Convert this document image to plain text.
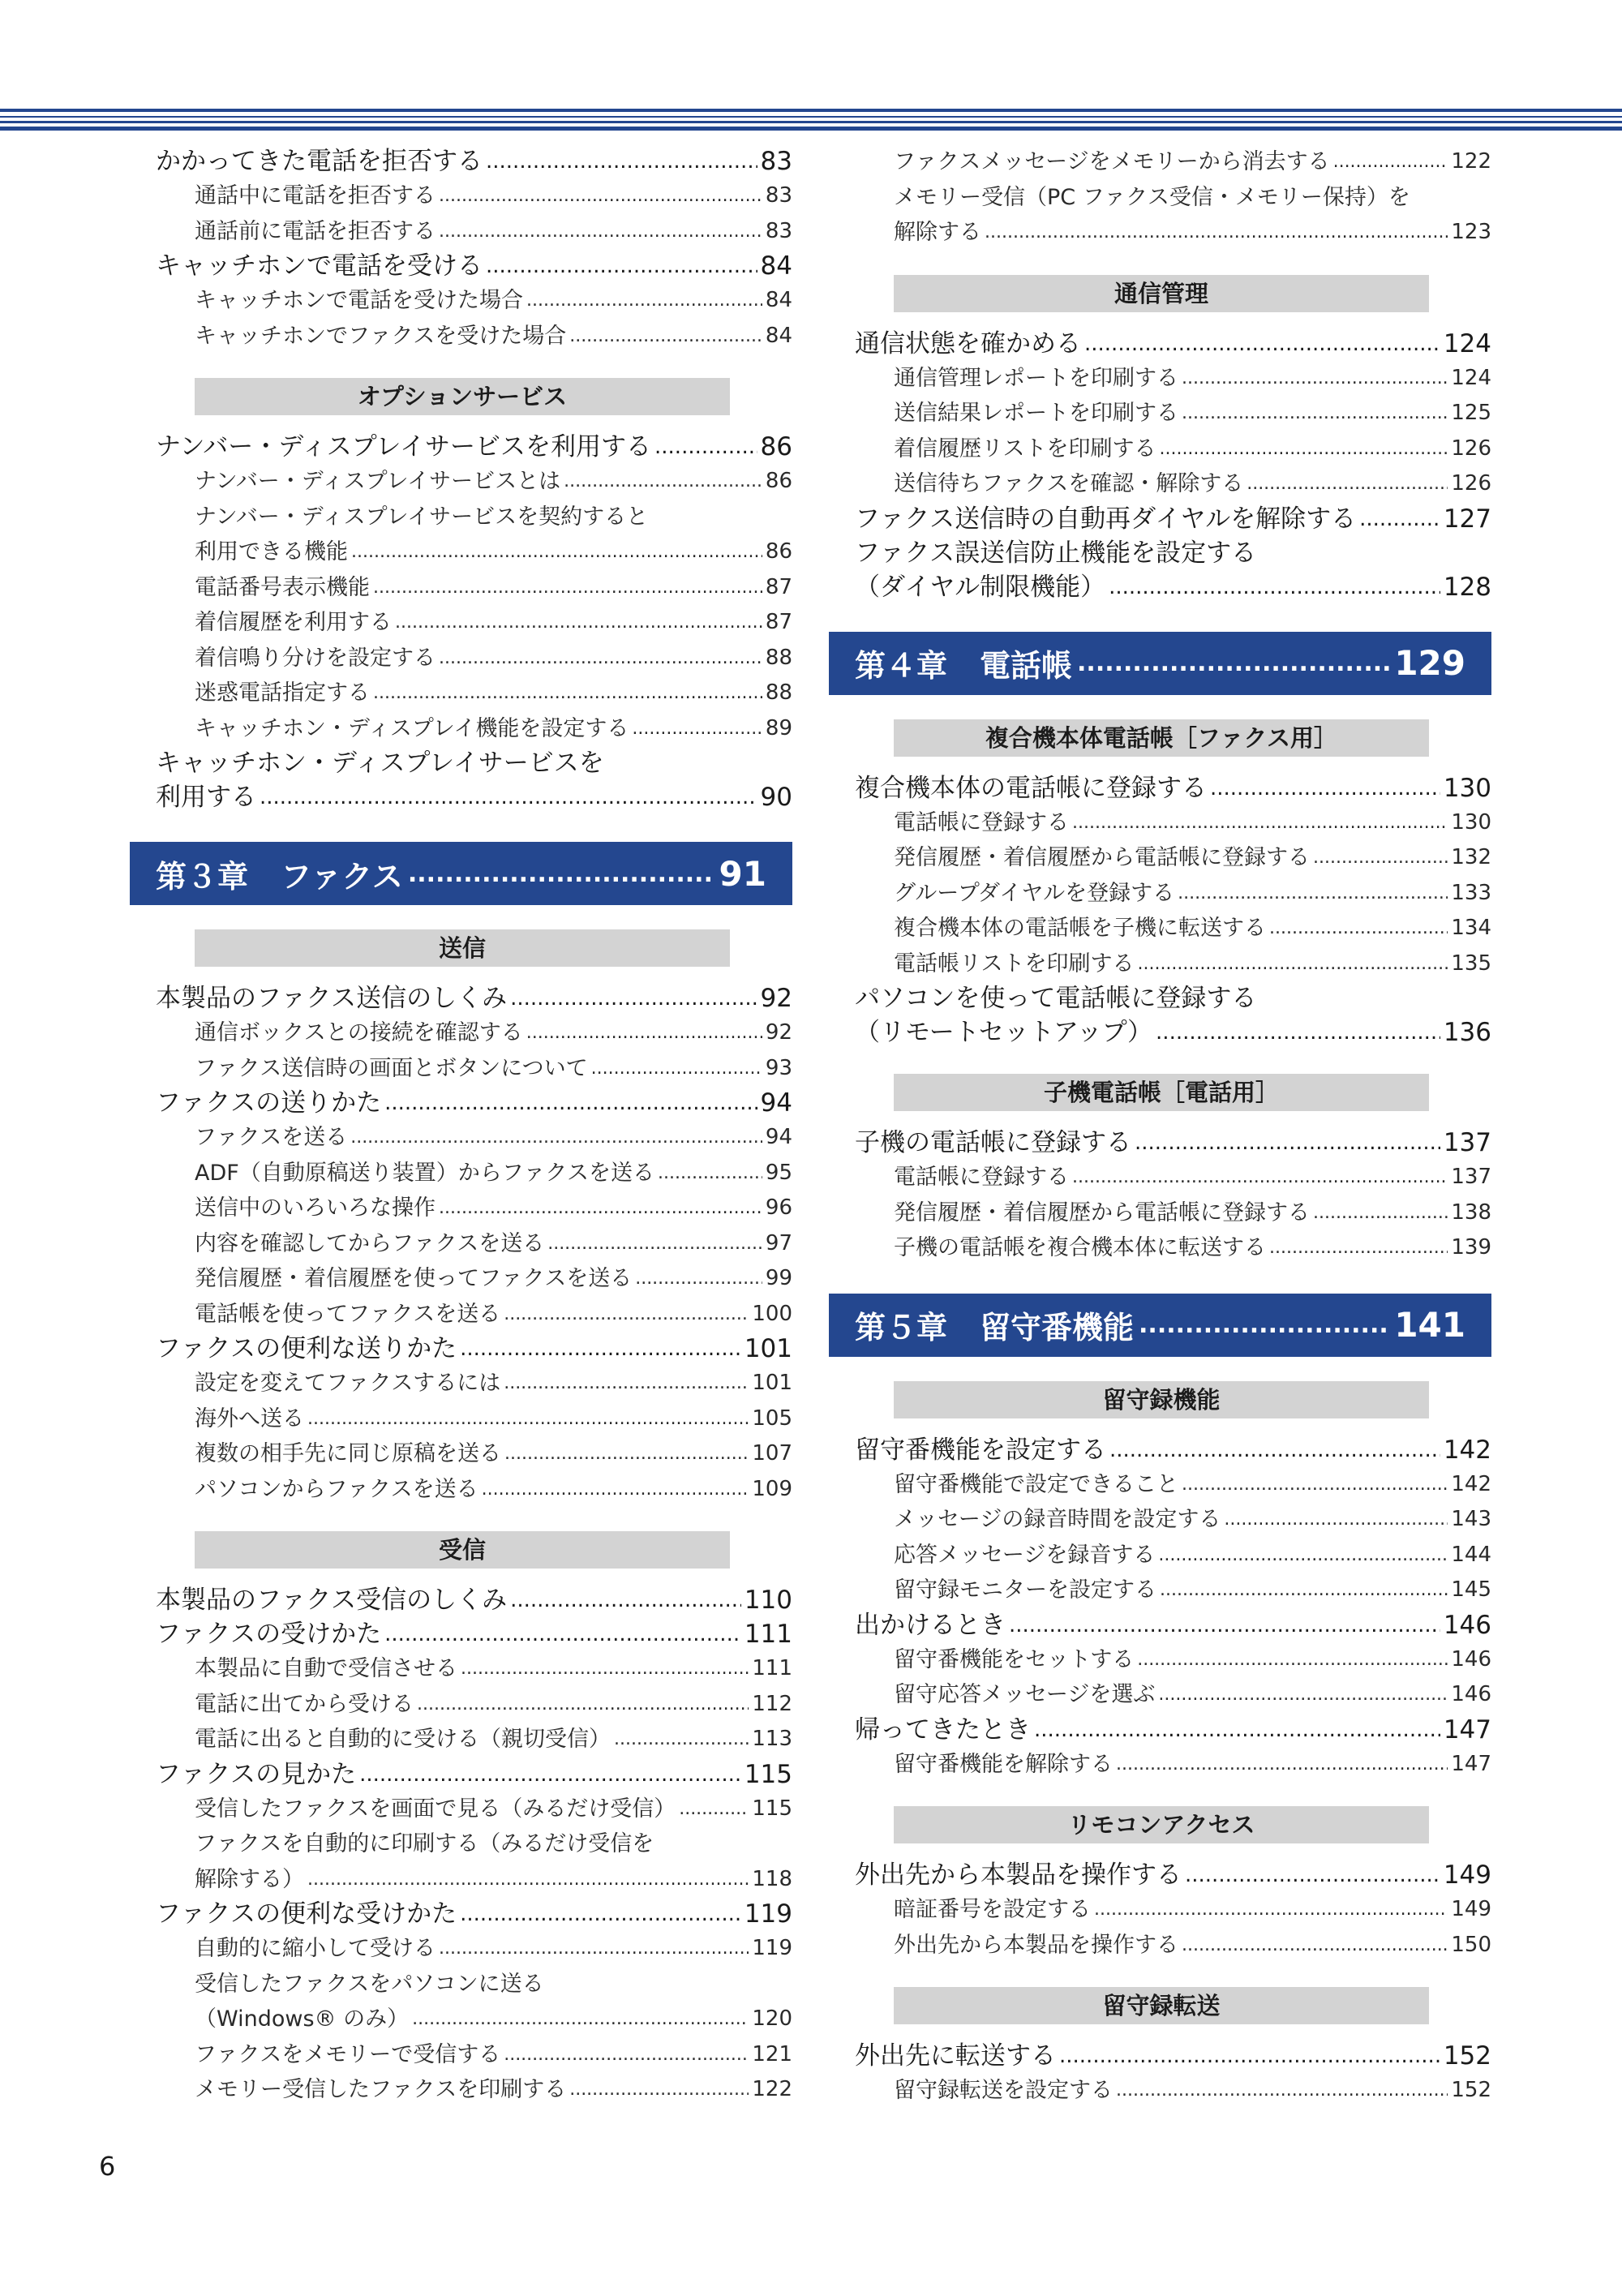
かかってきた電話を拒否する .....	83
通話中に電話を拒否する .....	83
通話前に電話を拒否する .....	83
キャッチホンで電話を受ける .....	84
キャッチホンで電話を受けた場合 .....	84
キャッチホンでファクスを受けた場合 .....	84
オプションサービス
ナンバー・ディスプレイサービスを利用する .....	86
ナンバー・ディスプレイサービスとは .....	86
ナンバー・ディスプレイサービスを契約すると
利用できる機能 .....	86
電話番号表示機能 .....	87
着信履歴を利用する .....	87
着信鳴り分けを設定する .....	88
迷惑電話指定する .....	88
キャッチホン・ディスプレイ機能を設定する .....	89
キャッチホン・ディスプレイサービスを
利用する .....	90
第３章 ファクス .....	91
送信
本製品のファクス送信のしくみ .....	92
通信ボックスとの接続を確認する .....	92
ファクス送信時の画面とボタンについて .....	93
ファクスの送りかた .....	94
ファクスを送る .....	94
ADF（自動原稿送り装置）からファクスを送る .....	95
送信中のいろいろな操作 .....	96
内容を確認してからファクスを送る .....	97
発信履歴・着信履歴を使ってファクスを送る .....	99
電話帳を使ってファクスを送る .....	100
ファクスの便利な送りかた .....	101
設定を変えてファクスするには .....	101
海外へ送る .....	105
複数の相手先に同じ原稿を送る .....	107
パソコンからファクスを送る .....	109
受信
本製品のファクス受信のしくみ .....	110
ファクスの受けかた .....	111
本製品に自動で受信させる .....	111
電話に出てから受ける .....	112
電話に出ると自動的に受ける（親切受信） .....	113
ファクスの見かた .....	115
受信したファクスを画面で見る（みるだけ受信） .....	115
ファクスを自動的に印刷する（みるだけ受信を
解除する） .....	118
ファクスの便利な受けかた .....	119
自動的に縮小して受ける .....	119
受信したファクスをパソコンに送る
（Windows® のみ） .....	120
ファクスをメモリーで受信する .....	121
メモリー受信したファクスを印刷する .....	122
ファクスメッセージをメモリーから消去する .....	122
メモリー受信（PC ファクス受信・メモリー保持）を
解除する .....	123
通信管理
通信状態を確かめる .....	124
通信管理レポートを印刷する .....	124
送信結果レポートを印刷する .....	125
着信履歴リストを印刷する .....	126
送信待ちファクスを確認・解除する .....	126
ファクス送信時の自動再ダイヤルを解除する .....	127
ファクス誤送信防止機能を設定する
（ダイヤル制限機能） .....	128
第４章 電話帳 .....	129
複合機本体電話帳［ファクス用］
複合機本体の電話帳に登録する .....	130
電話帳に登録する .....	130
発信履歴・着信履歴から電話帳に登録する .....	132
グループダイヤルを登録する .....	133
複合機本体の電話帳を子機に転送する .....	134
電話帳リストを印刷する .....	135
パソコンを使って電話帳に登録する
（リモートセットアップ） .....	136
子機電話帳［電話用］
子機の電話帳に登録する .....	137
電話帳に登録する .....	137
発信履歴・着信履歴から電話帳に登録する .....	138
子機の電話帳を複合機本体に転送する .....	139
第５章 留守番機能 .....	141
留守録機能
留守番機能を設定する .....	142
留守番機能で設定できること .....	142
メッセージの録音時間を設定する .....	143
応答メッセージを録音する .....	144
留守録モニターを設定する .....	145
出かけるとき .....	146
留守番機能をセットする .....	146
留守応答メッセージを選ぶ .....	146
帰ってきたとき .....	147
留守番機能を解除する .....	147
リモコンアクセス
外出先から本製品を操作する .....	149
暗証番号を設定する .....	149
外出先から本製品を操作する .....	150
留守録転送
外出先に転送する .....	152
留守録転送を設定する .....	152
6
